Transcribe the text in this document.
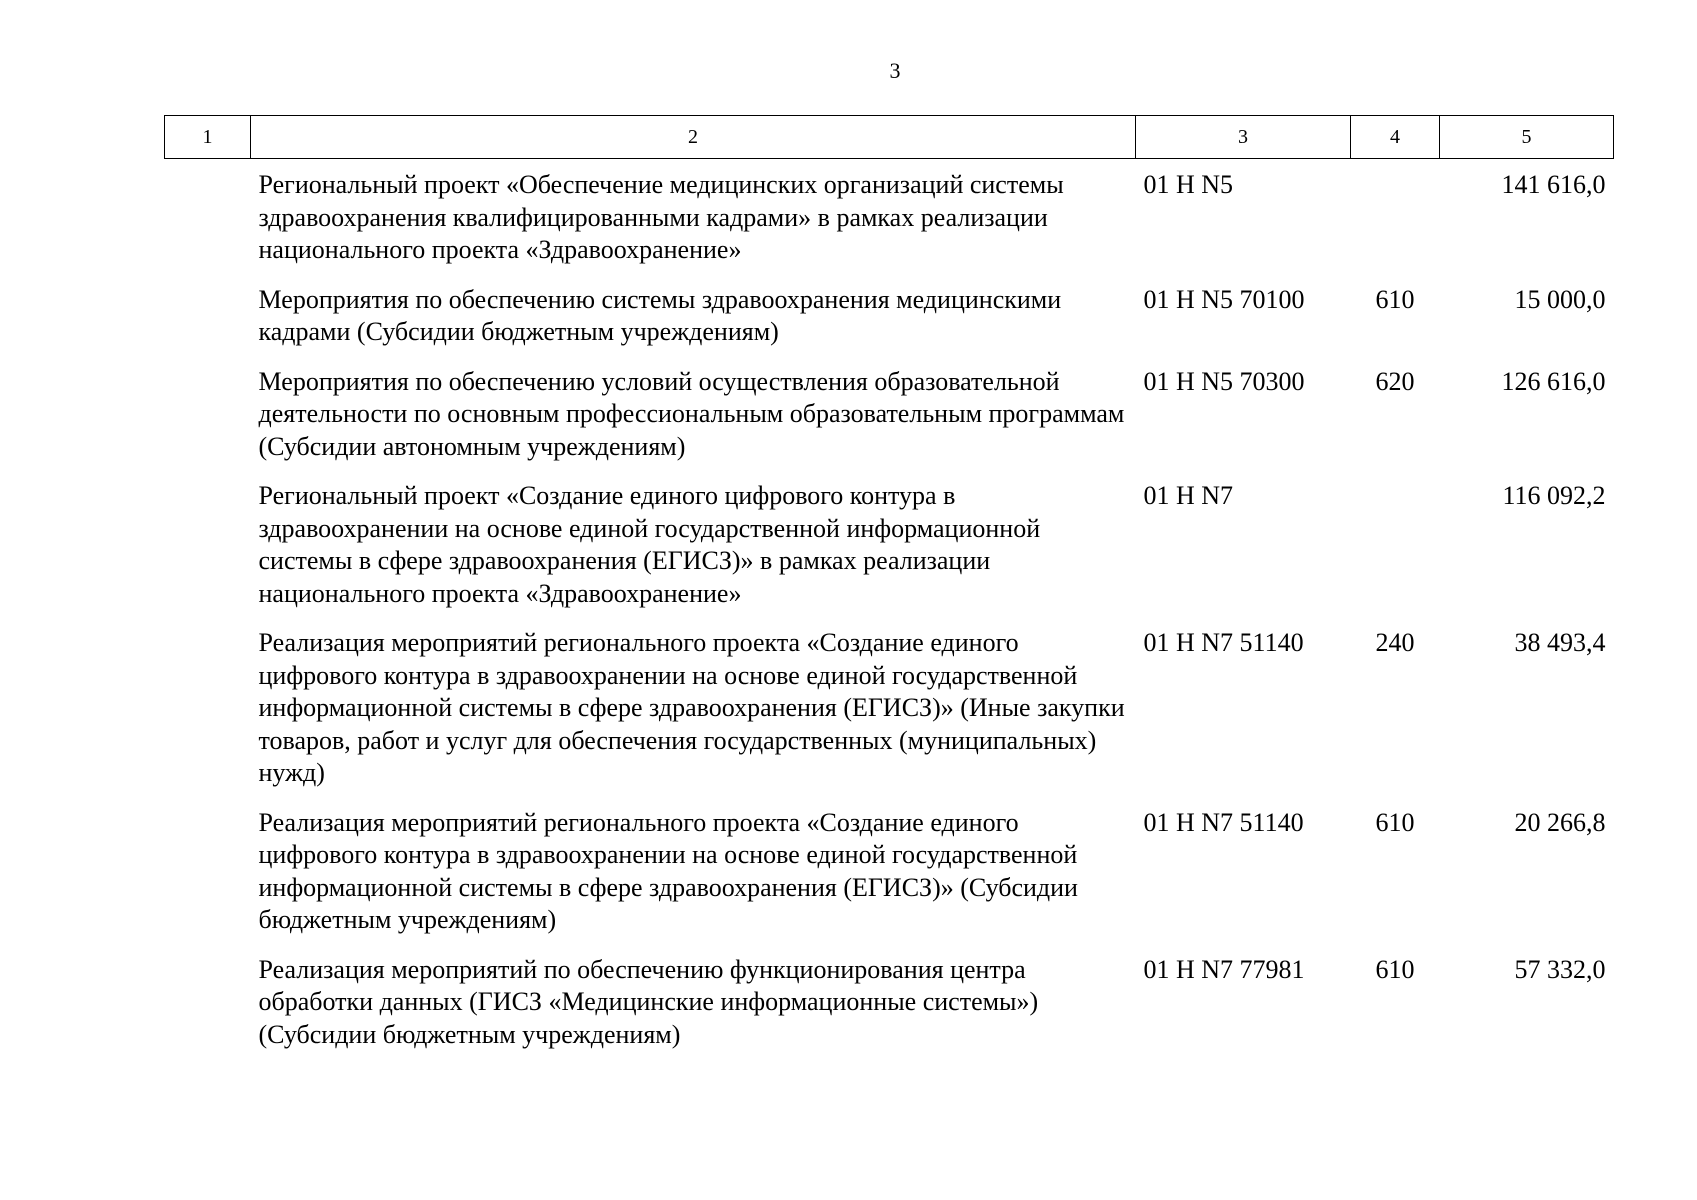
3
1	2	3	4	5
	Региональный проект «Обеспечение медицинских организаций системы здравоохранения квалифицированными кадрами» в рамках реализации национального проекта «Здравоохранение»	01 Н N5		141 616,0
	Мероприятия по обеспечению системы здравоохранения медицинскими кадрами (Субсидии бюджетным учреждениям)	01 Н N5 70100	610	15 000,0
	Мероприятия по обеспечению условий осуществления образовательной деятельности по основным профессиональным образовательным программам (Субсидии автономным учреждениям)	01 Н N5 70300	620	126 616,0
	Региональный проект «Создание единого цифрового контура в здравоохранении на основе единой государственной информационной системы в сфере здравоохранения (ЕГИСЗ)» в рамках реализации национального проекта «Здравоохранение»	01 Н N7		116 092,2
	Реализация мероприятий регионального проекта «Создание единого цифрового контура в здравоохранении на основе единой государственной информационной системы в сфере здравоохранения (ЕГИСЗ)» (Иные закупки товаров, работ и услуг для обеспечения государственных (муниципальных) нужд)	01 Н N7 51140	240	38 493,4
	Реализация мероприятий регионального проекта «Создание единого цифрового контура в здравоохранении на основе единой государственной информационной системы в сфере здравоохранения (ЕГИСЗ)» (Субсидии бюджетным учреждениям)	01 Н N7 51140	610	20 266,8
	Реализация мероприятий по обеспечению функционирования центра обработки данных (ГИСЗ «Медицинские информационные системы») (Субсидии бюджетным учреждениям)	01 Н N7 77981	610	57 332,0
